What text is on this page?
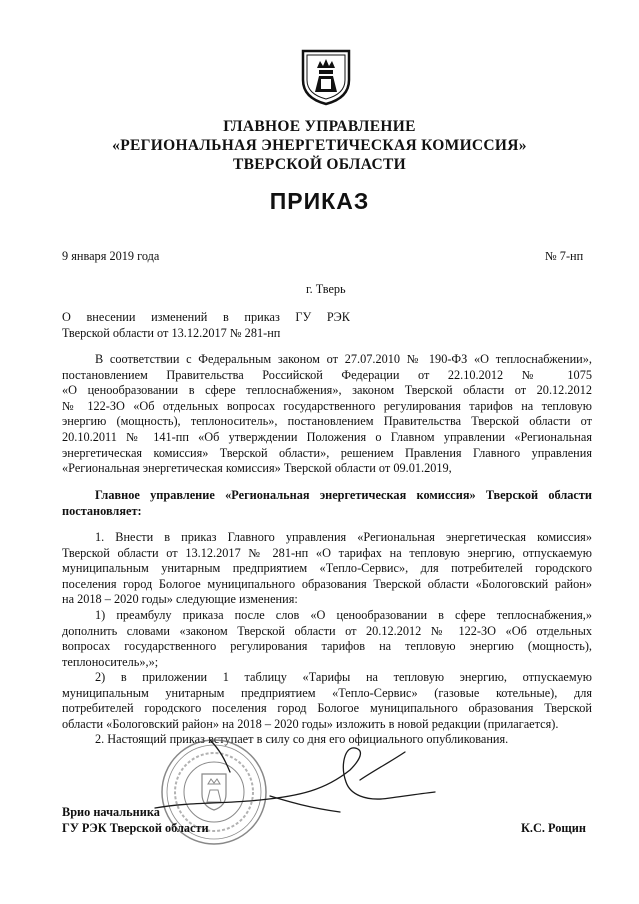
ГЛАВНОЕ УПРАВЛЕНИЕ
«РЕГИОНАЛЬНАЯ ЭНЕРГЕТИЧЕСКАЯ КОМИССИЯ»
ТВЕРСКОЙ ОБЛАСТИ
ПРИКАЗ
9 января 2019 года	№ 7-нп
г. Тверь
О внесении изменений в приказ ГУ РЭК
Тверской области от 13.12.2017 № 281-нп
В соответствии с Федеральным законом от 27.07.2010 № 190-ФЗ «О теплоснабжении»,
постановлением Правительства Российской Федерации от 22.10.2012 № 1075
«О ценообразовании в сфере теплоснабжения», законом Тверской области от 20.12.2012
№ 122-ЗО «Об отдельных вопросах государственного регулирования тарифов на тепловую
энергию (мощность), теплоноситель», постановлением Правительства Тверской области от
20.10.2011 № 141-пп «Об утверждении Положения о Главном управлении «Региональная
энергетическая комиссия» Тверской области», решением Правления Главного управления
«Региональная энергетическая комиссия» Тверской области от 09.01.2019,
Главное управление «Региональная энергетическая комиссия» Тверской области
постановляет:
1. Внести в приказ Главного управления «Региональная энергетическая комиссия»
Тверской области от 13.12.2017 № 281-нп «О тарифах на тепловую энергию, отпускаемую
муниципальным унитарным предприятием «Тепло-Сервис», для потребителей городского
поселения город Бологое муниципального образования Тверской области «Бологовский район»
на 2018 – 2020 годы» следующие изменения:
1) преамбулу приказа после слов «О ценообразовании в сфере теплоснабжения,»
дополнить словами «законом Тверской области от 20.12.2012 № 122-ЗО «Об отдельных
вопросах государственного регулирования тарифов на тепловую энергию (мощность),
теплоноситель»,»;
2) в приложении 1 таблицу «Тарифы на тепловую энергию, отпускаемую
муниципальным унитарным предприятием «Тепло-Сервис» (газовые котельные), для
потребителей городского поселения город Бологое муниципального образования Тверской
области «Бологовский район» на 2018 – 2020 годы» изложить в новой редакции (прилагается).
2. Настоящий приказ вступает в силу со дня его официального опубликования.
Врио начальника
ГУ РЭК Тверской области	К.С. Рощин
